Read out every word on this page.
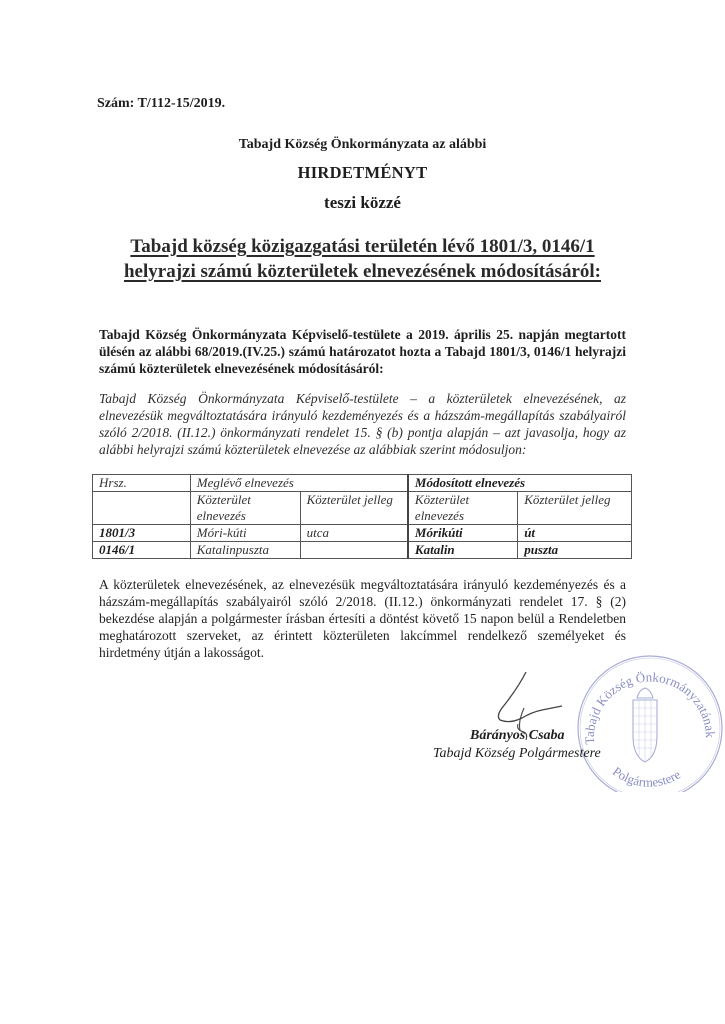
Szám: T/112-15/2019.
Tabajd Község Önkormányzata az alábbi
HIRDETMÉNYT
teszi közzé
Tabajd község közigazgatási területén lévő 1801/3, 0146/1 helyrajzi számú közterületek elnevezésének módosításáról:
Tabajd Község Önkormányzata Képviselő-testülete a 2019. április 25. napján megtartott ülésén az alábbi 68/2019.(IV.25.) számú határozatot hozta a Tabajd 1801/3, 0146/1 helyrajzi számú közterületek elnevezésének módosításáról:
Tabajd Község Önkormányzata Képviselő-testülete – a közterületek elnevezésének, az elnevezésük megváltoztatására irányuló kezdeményezés és a házszám-megállapítás szabályairól szóló 2/2018. (II.12.) önkormányzati rendelet 15. § (b) pontja alapján – azt javasolja, hogy az alábbi helyrajzi számú közterületek elnevezése az alábbiak szerint módosuljon:
Hrsz.	Meglévő elnevezés		Módosított elnevezés	
	Közterület elnevezés	Közterület jelleg	Közterület elnevezés	Közterület jelleg
1801/3	Móri-kúti	utca	Mórikúti	út
0146/1	Katalinpuszta		Katalin	puszta
A közterületek elnevezésének, az elnevezésük megváltoztatására irányuló kezdeményezés és a házszám-megállapítás szabályairól szóló 2/2018. (II.12.) önkormányzati rendelet 17. § (2) bekezdése alapján a polgármester írásban értesíti a döntést követő 15 napon belül a Rendeletben meghatározott szerveket, az érintett közterületen lakcímmel rendelkező személyeket és hirdetmény útján a lakosságot.
Tabajd Község Önkormányzatának
Polgármestere
Bárányos Csaba
Tabajd Község Polgármestere
